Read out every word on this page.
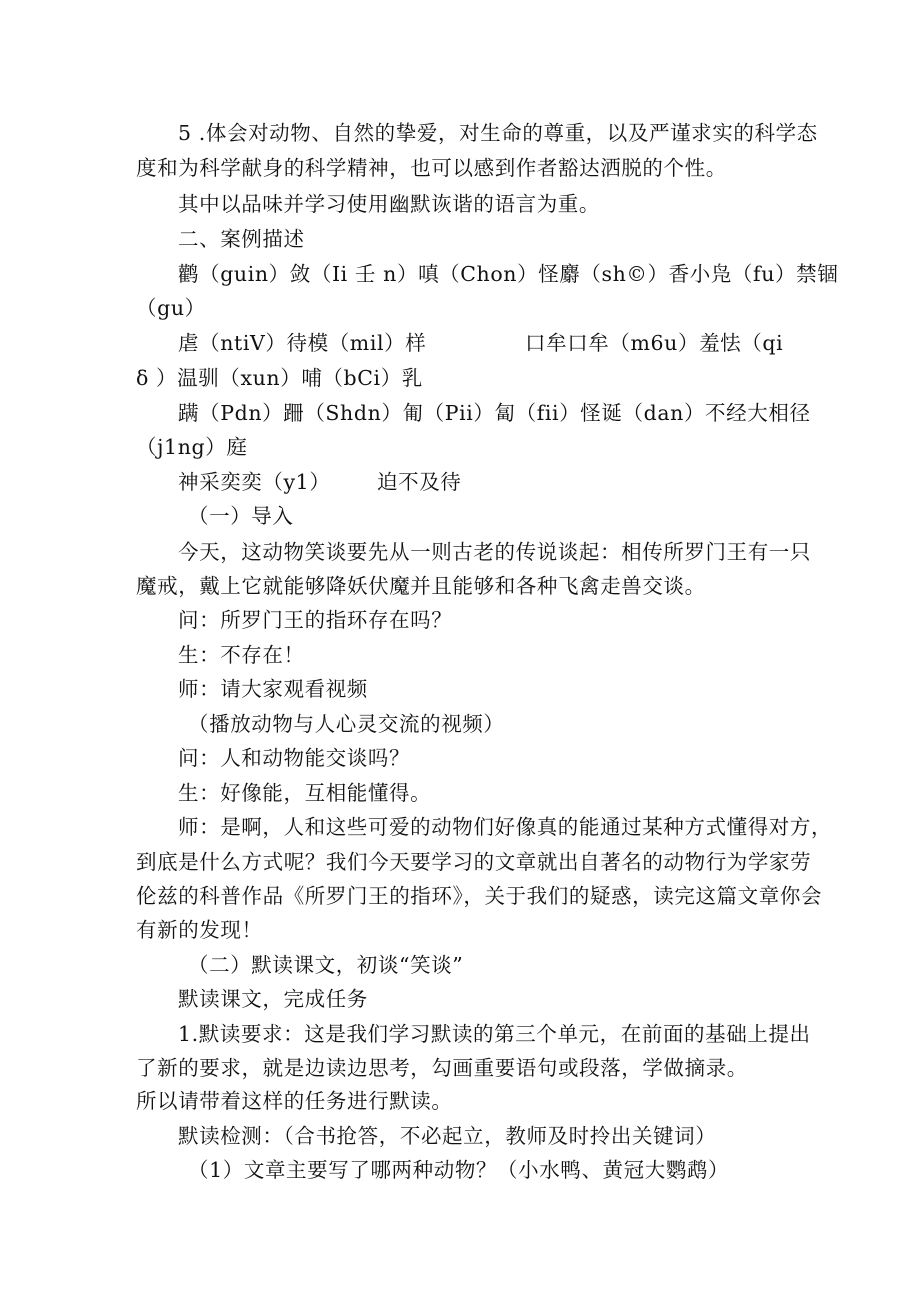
5 .体会对动物、自然的挚爱，对生命的尊重，以及严谨求实的科学态
度和为科学献身的科学精神，也可以感到作者豁达洒脱的个性。
其中以品味并学习使用幽默诙谐的语言为重。
二、案例描述
鹳（guin）敛（Ii 壬 n）嗔（Chon）怪麝（sh©）香小凫（fu）禁锢
（gu）
虐（ntiV）待模（mil）样	口牟口牟（m6u）羞怯（qi
δ ）温驯（xun）哺（bCi）乳
蹒（Pdn）跚（Shdn）匍（Pii）匐（fii）怪诞（dan）不经大相径
（j1ng）庭
神采奕奕（y1） 迫不及待
（一）导入
今天，这动物笑谈要先从一则古老的传说谈起：相传所罗门王有一只
魔戒，戴上它就能够降妖伏魔并且能够和各种飞禽走兽交谈。
问：所罗门王的指环存在吗？
生：不存在！
师：请大家观看视频
（播放动物与人心灵交流的视频）
问：人和动物能交谈吗？
生：好像能，互相能懂得。
师：是啊，人和这些可爱的动物们好像真的能通过某种方式懂得对方，
到底是什么方式呢？我们今天要学习的文章就出自著名的动物行为学家劳
伦兹的科普作品《所罗门王的指环》，关于我们的疑惑，读完这篇文章你会
有新的发现！
（二）默读课文，初谈“笑谈”
默读课文，完成任务
1.默读要求：这是我们学习默读的第三个单元，在前面的基础上提出
了新的要求，就是边读边思考，勾画重要语句或段落，学做摘录。
所以请带着这样的任务进行默读。
默读检测：（合书抢答，不必起立，教师及时拎出关键词）
（1）文章主要写了哪两种动物？（小水鸭、黄冠大鹦鹉）
